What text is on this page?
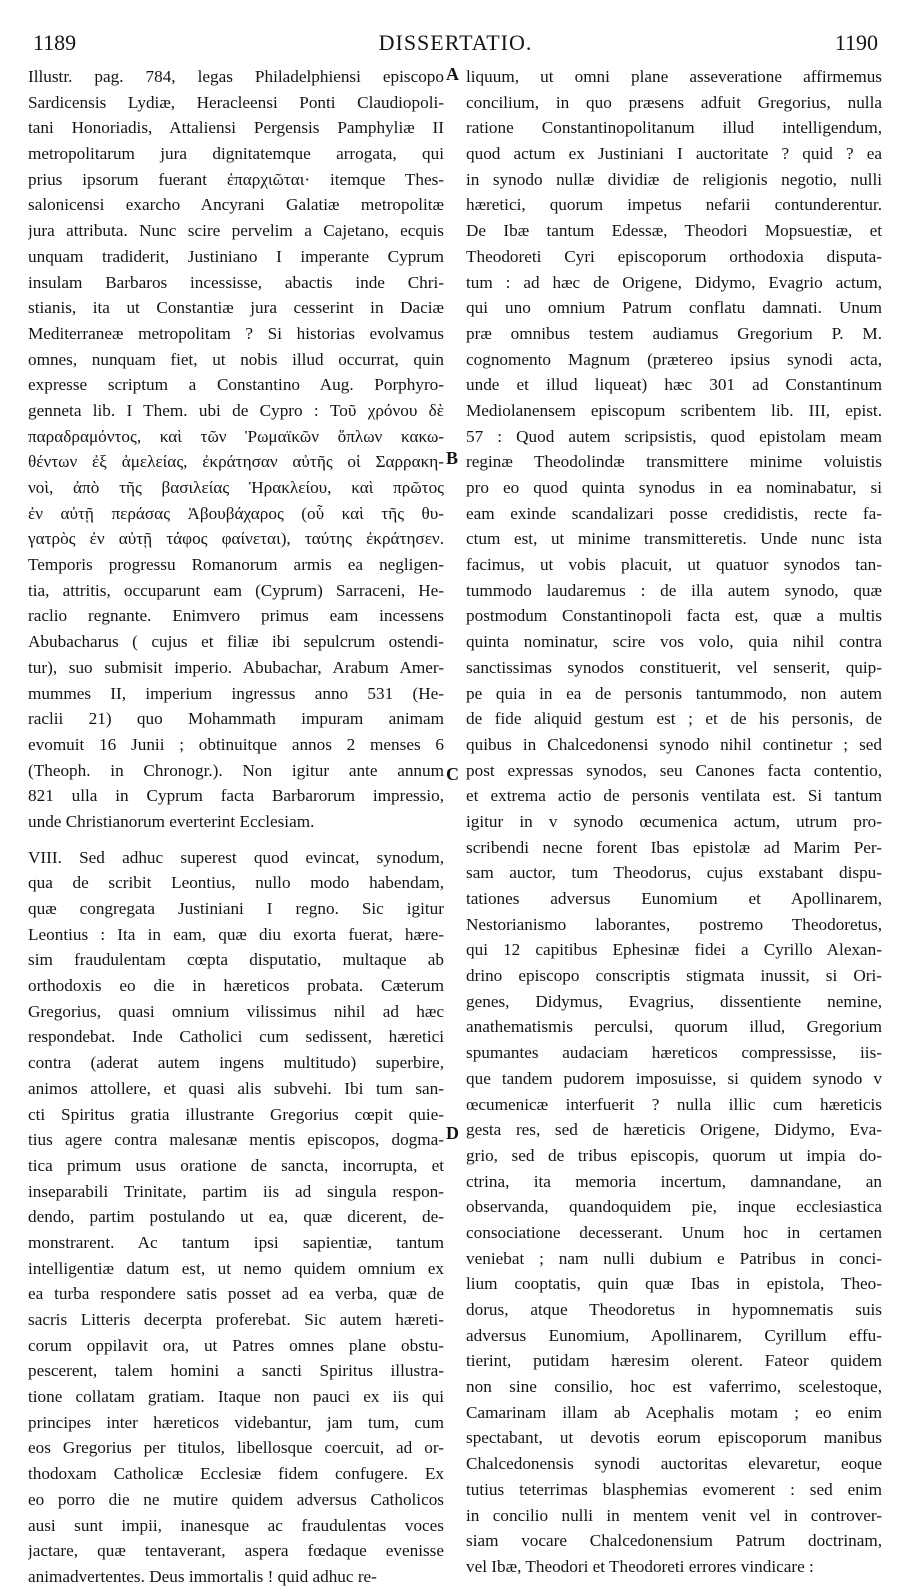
1189	DISSERTATIO.	1190
A
B
C
D
Illustr. pag. 784, legas Philadelphiensi episcopo
Sardicensis Lydiæ, Heracleensi Ponti Claudiopoli-
tani Honoriadis, Attaliensi Pergensis Pamphyliæ II
metropolitarum jura dignitatemque arrogata, qui
prius ipsorum fuerant ἐπαρχιῶται· itemque Thes-
salonicensi exarcho Ancyrani Galatiæ metropolitæ
jura attributa. Nunc scire pervelim a Cajetano, ecquis
unquam tradiderit, Justiniano I imperante Cyprum
insulam Barbaros incessisse, abactis inde Chri-
stianis, ita ut Constantiæ jura cesserint in Daciæ
Mediterraneæ metropolitam ? Si historias evolvamus
omnes, nunquam fiet, ut nobis illud occurrat, quin
expresse scriptum a Constantino Aug. Porphyro-
genneta lib. I Them. ubi de Cypro : Τοῦ χρόνου δὲ
παραδραμόντος, καὶ τῶν Ῥωμαϊκῶν ὅπλων κακω-
θέντων ἐξ ἀμελείας, ἐκράτησαν αὐτῆς οἱ Σαρρακη-
νοὶ, ἀπὸ τῆς βασιλείας Ἡρακλείου, καὶ πρῶτος
ἐν αὐτῇ περάσας Ἀβουβάχαρος (οὗ καὶ τῆς θυ-
γατρὸς ἐν αὐτῇ τάφος φαίνεται), ταύτης ἐκράτησεν.
Temporis progressu Romanorum armis ea negligen-
tia, attritis, occuparunt eam (Cyprum) Sarraceni, He-
raclio regnante. Enimvero primus eam incessens
Abubacharus ( cujus et filiæ ibi sepulcrum ostendi-
tur), suo submisit imperio. Abubachar, Arabum Amer-
mummes II, imperium ingressus anno 531 (He-
raclii 21) quo Mohammath impuram animam
evomuit 16 Junii ; obtinuitque annos 2 menses 6
(Theoph. in Chronogr.). Non igitur ante annum
821 ulla in Cyprum facta Barbarorum impressio,
unde Christianorum everterint Ecclesiam.
VIII. Sed adhuc superest quod evincat, synodum,
qua de scribit Leontius, nullo modo habendam,
quæ congregata Justiniani I regno. Sic igitur
Leontius : Ita in eam, quæ diu exorta fuerat, hære-
sim fraudulentam cœpta disputatio, multaque ab
orthodoxis eo die in hæreticos probata. Cæterum
Gregorius, quasi omnium vilissimus nihil ad hæc
respondebat. Inde Catholici cum sedissent, hæretici
contra (aderat autem ingens multitudo) superbire,
animos attollere, et quasi alis subvehi. Ibi tum san-
cti Spiritus gratia illustrante Gregorius cœpit quie-
tius agere contra malesanæ mentis episcopos, dogma-
tica primum usus oratione de sancta, incorrupta, et
inseparabili Trinitate, partim iis ad singula respon-
dendo, partim postulando ut ea, quæ dicerent, de-
monstrarent. Ac tantum ipsi sapientiæ, tantum
intelligentiæ datum est, ut nemo quidem omnium ex
ea turba respondere satis posset ad ea verba, quæ de
sacris Litteris decerpta proferebat. Sic autem hæreti-
corum oppilavit ora, ut Patres omnes plane obstu-
pescerent, talem homini a sancti Spiritus illustra-
tione collatam gratiam. Itaque non pauci ex iis qui
principes inter hæreticos videbantur, jam tum, cum
eos Gregorius per titulos, libellosque coercuit, ad or-
thodoxam Catholicæ Ecclesiæ fidem confugere. Ex
eo porro die ne mutire quidem adversus Catholicos
ausi sunt impii, inanesque ac fraudulentas voces
jactare, quæ tentaverant, aspera fœdaque evenisse
animadvertentes. Deus immortalis ! quid adhuc re-
liquum, ut omni plane asseveratione affirmemus
concilium, in quo præsens adfuit Gregorius, nulla
ratione Constantinopolitanum illud intelligendum,
quod actum ex Justiniani I auctoritate ? quid ? ea
in synodo nullæ dividiæ de religionis negotio, nulli
hæretici, quorum impetus nefarii contunderentur.
De Ibæ tantum Edessæ, Theodori Mopsuestiæ, et
Theodoreti Cyri episcoporum orthodoxia disputa-
tum : ad hæc de Origene, Didymo, Evagrio actum,
qui uno omnium Patrum conflatu damnati. Unum
præ omnibus testem audiamus Gregorium P. M.
cognomento Magnum (prætereo ipsius synodi acta,
unde et illud liqueat) hæc 301 ad Constantinum
Mediolanensem episcopum scribentem lib. III, epist.
57 : Quod autem scripsistis, quod epistolam meam
reginæ Theodolindæ transmittere minime voluistis
pro eo quod quinta synodus in ea nominabatur, si
eam exinde scandalizari posse credidistis, recte fa-
ctum est, ut minime transmitteretis. Unde nunc ista
facimus, ut vobis placuit, ut quatuor synodos tan-
tummodo laudaremus : de illa autem synodo, quæ
postmodum Constantinopoli facta est, quæ a multis
quinta nominatur, scire vos volo, quia nihil contra
sanctissimas synodos constituerit, vel senserit, quip-
pe quia in ea de personis tantummodo, non autem
de fide aliquid gestum est ; et de his personis, de
quibus in Chalcedonensi synodo nihil continetur ; sed
post expressas synodos, seu Canones facta contentio,
et extrema actio de personis ventilata est. Si tantum
igitur in v synodo œcumenica actum, utrum pro-
scribendi necne forent Ibas epistolæ ad Marim Per-
sam auctor, tum Theodorus, cujus exstabant dispu-
tationes adversus Eunomium et Apollinarem,
Nestorianismo laborantes, postremo Theodoretus,
qui 12 capitibus Ephesinæ fidei a Cyrillo Alexan-
drino episcopo conscriptis stigmata inussit, si Ori-
genes, Didymus, Evagrius, dissentiente nemine,
anathematismis perculsi, quorum illud, Gregorium
spumantes audaciam hæreticos compressisse, iis-
que tandem pudorem imposuisse, si quidem synodo v
œcumenicæ interfuerit ? nulla illic cum hæreticis
gesta res, sed de hæreticis Origene, Didymo, Eva-
grio, sed de tribus episcopis, quorum ut impia do-
ctrina, ita memoria incertum, damnandane, an
observanda, quandoquidem pie, inque ecclesiastica
consociatione decesserant. Unum hoc in certamen
veniebat ; nam nulli dubium e Patribus in conci-
lium cooptatis, quin quæ Ibas in epistola, Theo-
dorus, atque Theodoretus in hypomnematis suis
adversus Eunomium, Apollinarem, Cyrillum effu-
tierint, putidam hæresim olerent. Fateor quidem
non sine consilio, hoc est vaferrimo, scelestoque,
Camarinam illam ab Acephalis motam ; eo enim
spectabant, ut devotis eorum episcoporum manibus
Chalcedonensis synodi auctoritas elevaretur, eoque
tutius teterrimas blasphemias evomerent : sed enim
in concilio nulli in mentem venit vel in controver-
siam vocare Chalcedonensium Patrum doctrinam,
vel Ibæ, Theodori et Theodoreti errores vindicare :
